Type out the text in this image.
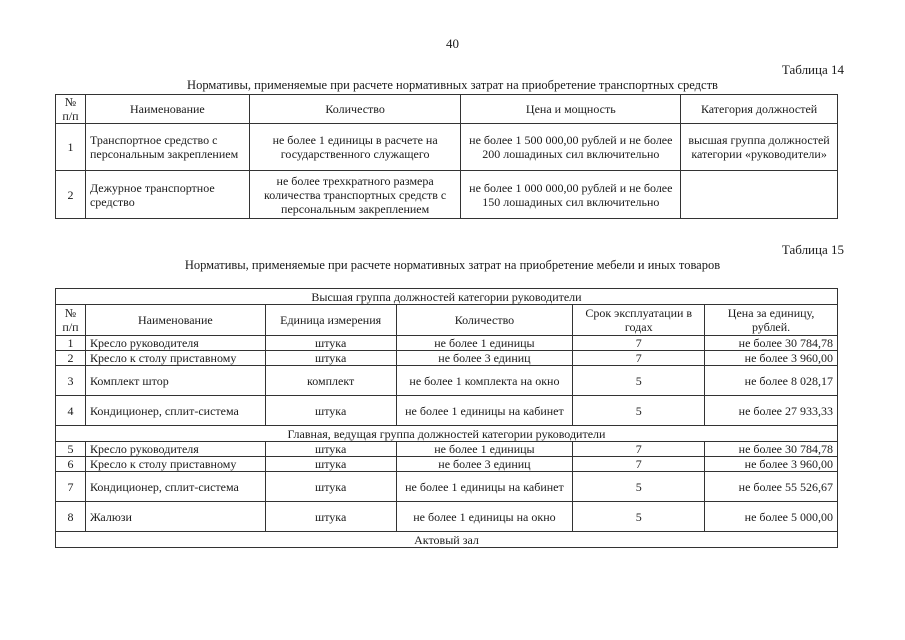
40
Таблица 14
Нормативы, применяемые при расчете нормативных затрат на приобретение транспортных средств
№ п/п	Наименование	Количество	Цена и мощность	Категория должностей
1	Транспортное средство с персональным закреплением	не более 1 единицы в расчете на государственного служащего	не более 1 500 000,00 рублей и не более 200 лошадиных сил включительно	высшая группа должностей категории «руководители»
2	Дежурное транспортное средство	не более трехкратного размера количества транспортных средств с персональным закреплением	не более 1 000 000,00 рублей и не более 150 лошадиных сил включительно	
Таблица 15
Нормативы, применяемые при расчете нормативных затрат на приобретение мебели и иных товаров
Высшая группа должностей категории руководители					
№ п/п	Наименование	Единица измерения	Количество	Срок эксплуатации в годах	Цена за единицу, рублей.
1	Кресло руководителя	штука	не более 1 единицы	7	не более 30 784,78
2	Кресло к столу приставному	штука	не более 3 единиц	7	не более 3 960,00
3	Комплект штор	комплект	не более 1 комплекта на окно	5	не более 8 028,17
4	Кондиционер, сплит-система	штука	не более 1 единицы на кабинет	5	не более 27 933,33
Главная, ведущая группа должностей категории руководители					
5	Кресло руководителя	штука	не более 1 единицы	7	не более 30 784,78
6	Кресло к столу приставному	штука	не более 3 единиц	7	не более 3 960,00
7	Кондиционер, сплит-система	штука	не более 1 единицы на кабинет	5	не более 55 526,67
8	Жалюзи	штука	не более 1 единицы на окно	5	не более 5 000,00
Актовый зал					
